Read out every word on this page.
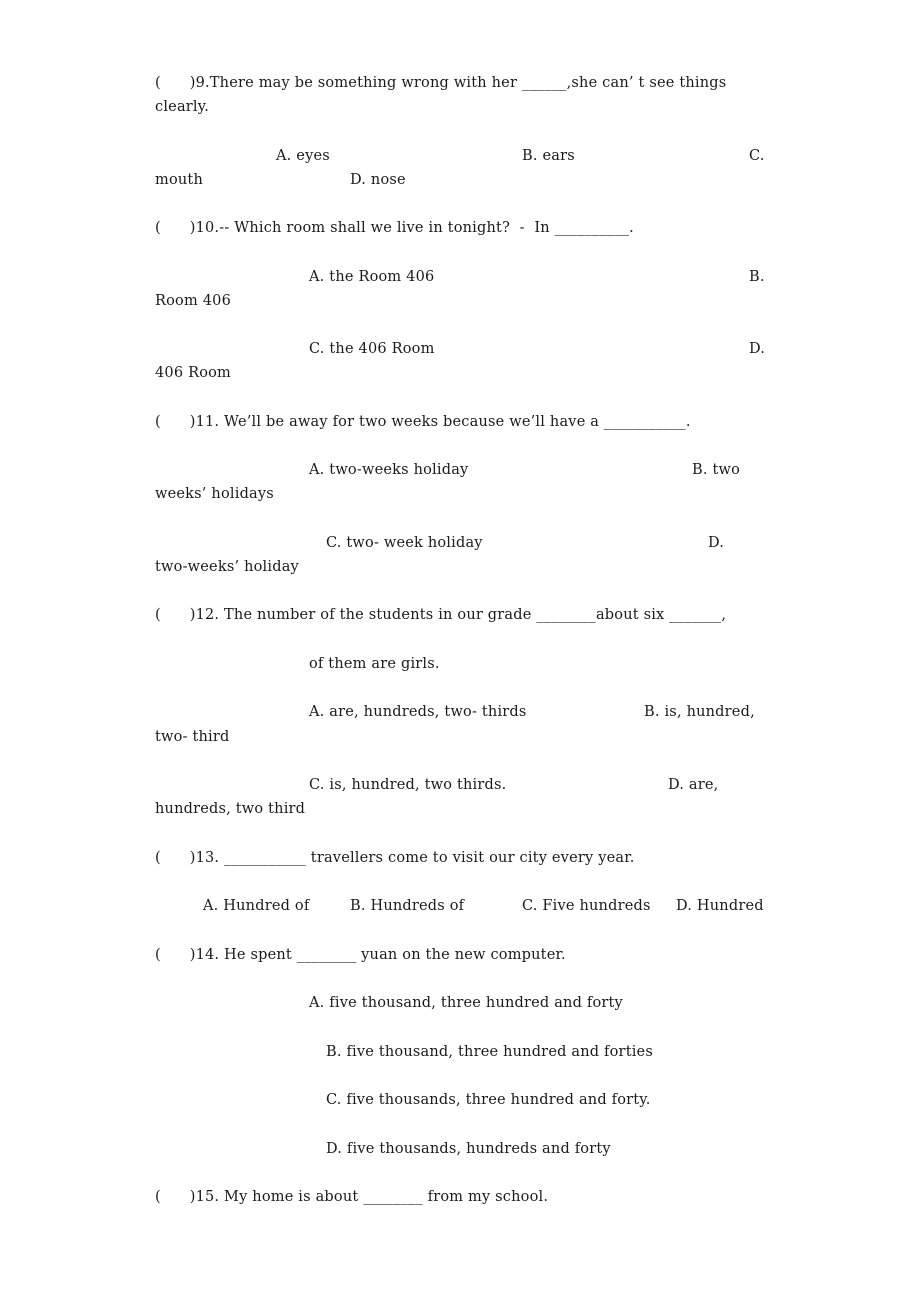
(      )9.There may be something wrong with her ______,she can’ t see things
clearly.
A. eyes	B. ears	C.
mouth	D. nose
(      )10.-- Which room shall we live in tonight?  -  In __________.
A. the Room 406	B.
Room 406
C. the 406 Room	D.
406 Room
(      )11. We’ll be away for two weeks because we’ll have a ___________.
A. two-weeks holiday	B. two
weeks’ holidays
C. two- week holiday	D.
two-weeks’ holiday
(      )12. The number of the students in our grade ________about six _______,
of them are girls.
A. are, hundreds, two- thirds	B. is, hundred,
two- third
C. is, hundred, two thirds.	D. are,
hundreds, two third
(      )13. ___________ travellers come to visit our city every year.
A. Hundred of	B. Hundreds of	C. Five hundreds D. Hundred
(      )14. He spent ________ yuan on the new computer.
A. five thousand, three hundred and forty
B. five thousand, three hundred and forties
C. five thousands, three hundred and forty.
D. five thousands, hundreds and forty
(      )15. My home is about ________ from my school.
